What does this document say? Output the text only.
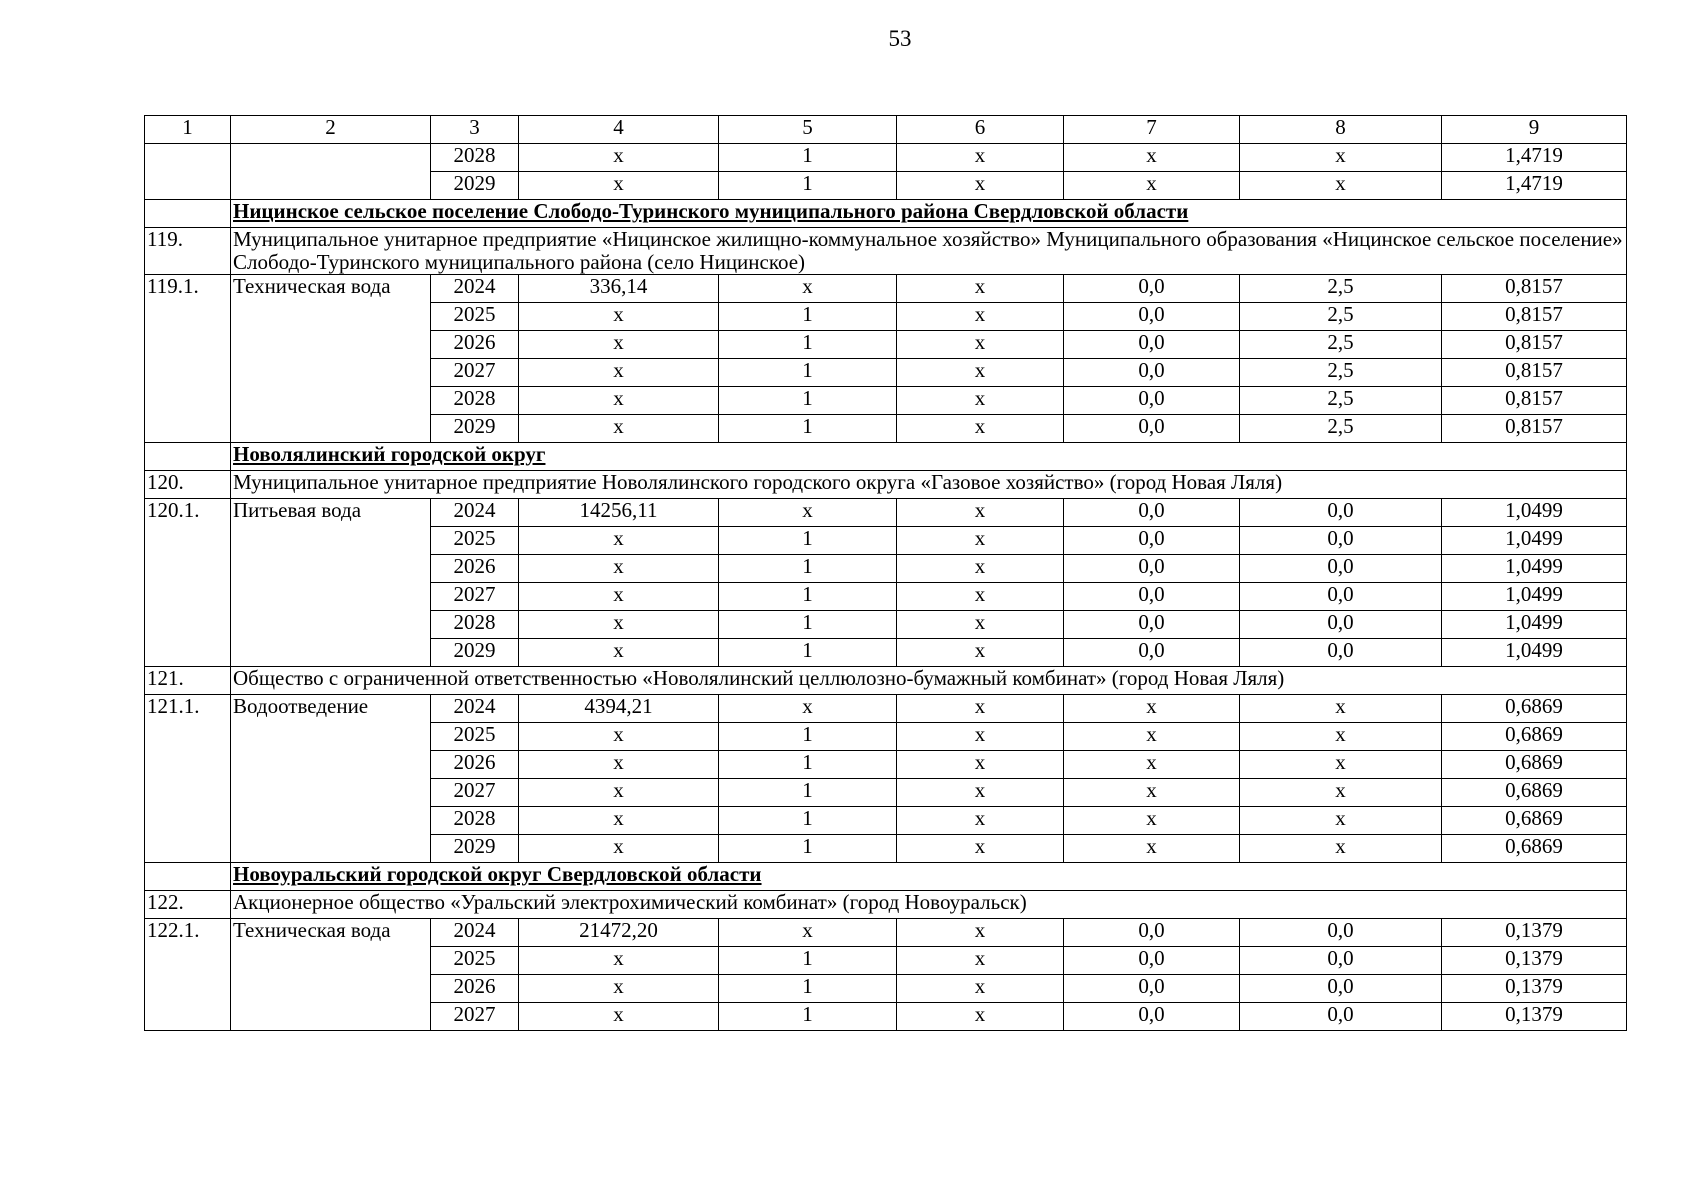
53
1	2	3	4	5	6	7	8	9
		2028	х	1	х	х	х	1,4719
		2029	х	1	х	х	х	1,4719
	Ницинское сельское поселение Слободо-Туринского муниципального района Свердловской области							
119.	Муниципальное унитарное предприятие «Ницинское жилищно-коммунальное хозяйство» Муниципального образования «Ницинское сельское поселение» Слободо-Туринского муниципального района (село Ницинское)							
119.1.	Техническая вода	2024	336,14	х	х	0,0	2,5	0,8157
		2025	х	1	х	0,0	2,5	0,8157
		2026	х	1	х	0,0	2,5	0,8157
		2027	х	1	х	0,0	2,5	0,8157
		2028	х	1	х	0,0	2,5	0,8157
		2029	х	1	х	0,0	2,5	0,8157
	Новолялинский городской округ							
120.	Муниципальное унитарное предприятие Новолялинского городского округа «Газовое хозяйство» (город Новая Ляля)							
120.1.	Питьевая вода	2024	14256,11	х	х	0,0	0,0	1,0499
		2025	х	1	х	0,0	0,0	1,0499
		2026	х	1	х	0,0	0,0	1,0499
		2027	х	1	х	0,0	0,0	1,0499
		2028	х	1	х	0,0	0,0	1,0499
		2029	х	1	х	0,0	0,0	1,0499
121.	Общество с ограниченной ответственностью «Новолялинский целлюлозно-бумажный комбинат» (город Новая Ляля)							
121.1.	Водоотведение	2024	4394,21	х	х	х	х	0,6869
		2025	х	1	х	х	х	0,6869
		2026	х	1	х	х	х	0,6869
		2027	х	1	х	х	х	0,6869
		2028	х	1	х	х	х	0,6869
		2029	х	1	х	х	х	0,6869
	Новоуральский городской округ Свердловской области							
122.	Акционерное общество «Уральский электрохимический комбинат» (город Новоуральск)							
122.1.	Техническая вода	2024	21472,20	х	х	0,0	0,0	0,1379
		2025	х	1	х	0,0	0,0	0,1379
		2026	х	1	х	0,0	0,0	0,1379
		2027	х	1	х	0,0	0,0	0,1379
